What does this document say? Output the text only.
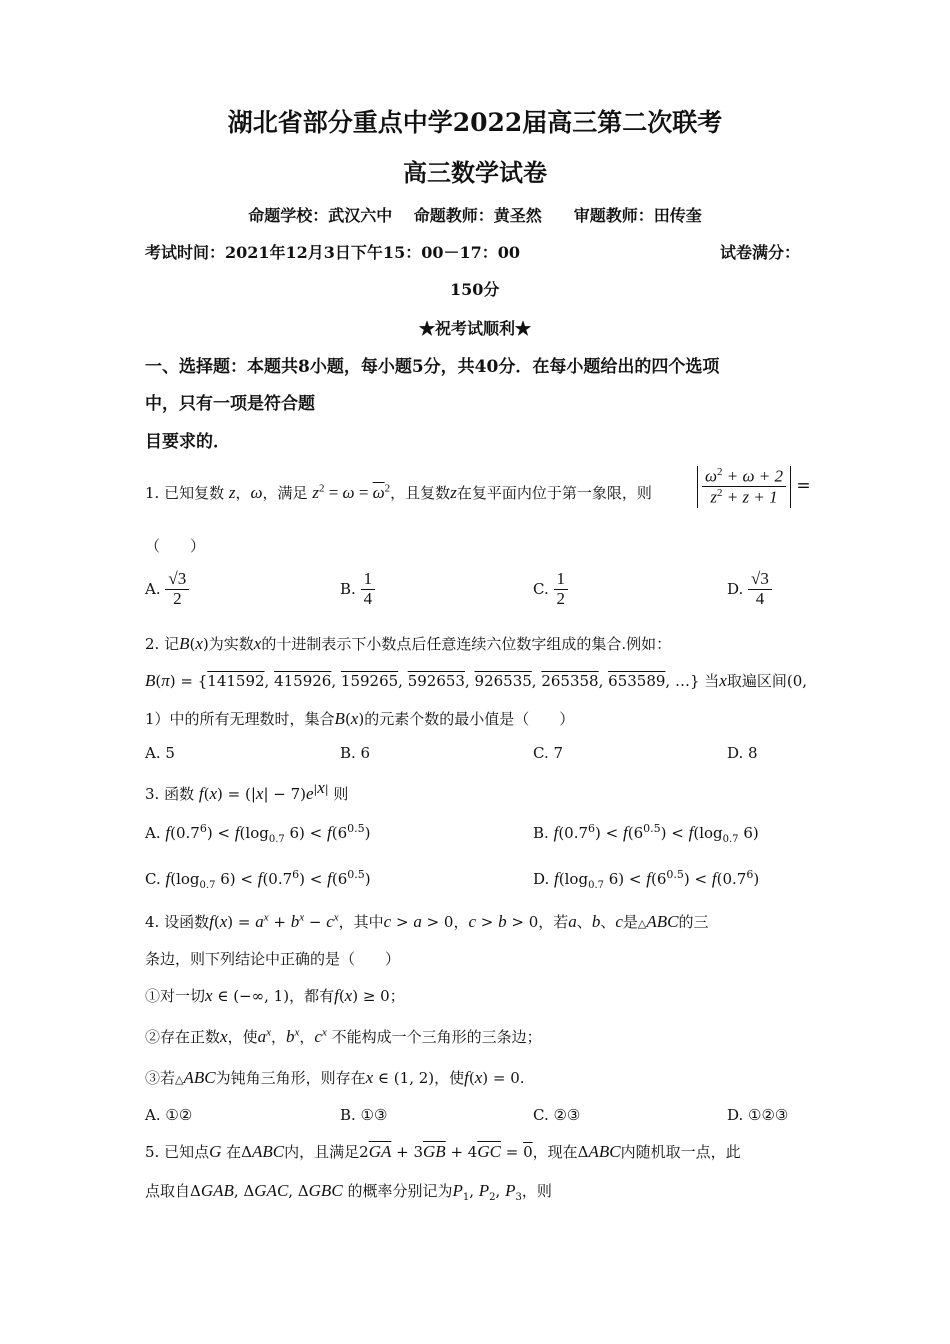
湖北省部分重点中学2022届高三第二次联考
高三数学试卷
命题学校：武汉六中　 命题教师：黄圣然　　审题教师：田传奎
考试时间：2021年12月3日下午15：00－17：00	试卷满分：
150分
★祝考试顺利★
一、选择题：本题共8小题，每小题5分，共40分．在每小题给出的四个选项
中，只有一项是符合题
目要求的．
1. 已知复数 z，ω，满足 $z^2 = \omega = \overline{\omega}^2$，且复数z在复平面内位于第一象限，则	$\frac{\omega^2 + \omega + 2}{z^2 + z + 1}$ =
（　　）
A. $\frac{√3}{2}$	B. $\frac{1}{4}$	C. $\frac{1}{2}$	D. $\frac{√3}{4}$
2. 记B(x)为实数x的十进制表示下小数点后任意连续六位数字组成的集合.例如：
B(π) = {141592, 415926, 159265, 592653, 926535, 265358, 653589, …} 当x取遍区间(0,
1）中的所有无理数时，集合B(x)的元素个数的最小值是（　　）
A. 5	B. 6	C. 7	D. 8
3. 函数 $f(x) = (|x| - 7)e^{|x|}$ 则
A. $f(0.7^6) < f(\log_{0.7}$ $6) < f(6^{0.5})$	B. $f(0.7^6) < f(6^{0.5}) < f(\log_{0.7}$ 6)
C. $f(\log_{0.7}$ $6) < f(0.7^6) < f(6^{0.5})$	D. $f(\log_{0.7}$ $6) < f(6^{0.5}) < f(0.7^6)$
4. 设函数$f(x) = a^x + b^x - c^x$，其中c > a > 0，c > b > 0，若a、b、c是△ABC的三
条边，则下列结论中正确的是（　　）
①对一切x ∈ (−∞, 1)，都有f(x) ≥ 0；
②存在正数x，使$a^x$，$b^x$，$c^x$ 不能构成一个三角形的三条边；
③若△ABC为钝角三角形，则存在x ∈ (1, 2)，使f(x) = 0.
A. ①②	B. ①③	C. ②③	D. ①②③
5. 已知点G 在ΔABC内，且满足$2\overline{GA} + 3\overline{GB} + 4\overline{GC} = 0$，现在ΔABC内随机取一点，此
点取自ΔGAB, ΔGAC, ΔGBC 的概率分别记为$P_1$, $P_2$, $P_3$，则
